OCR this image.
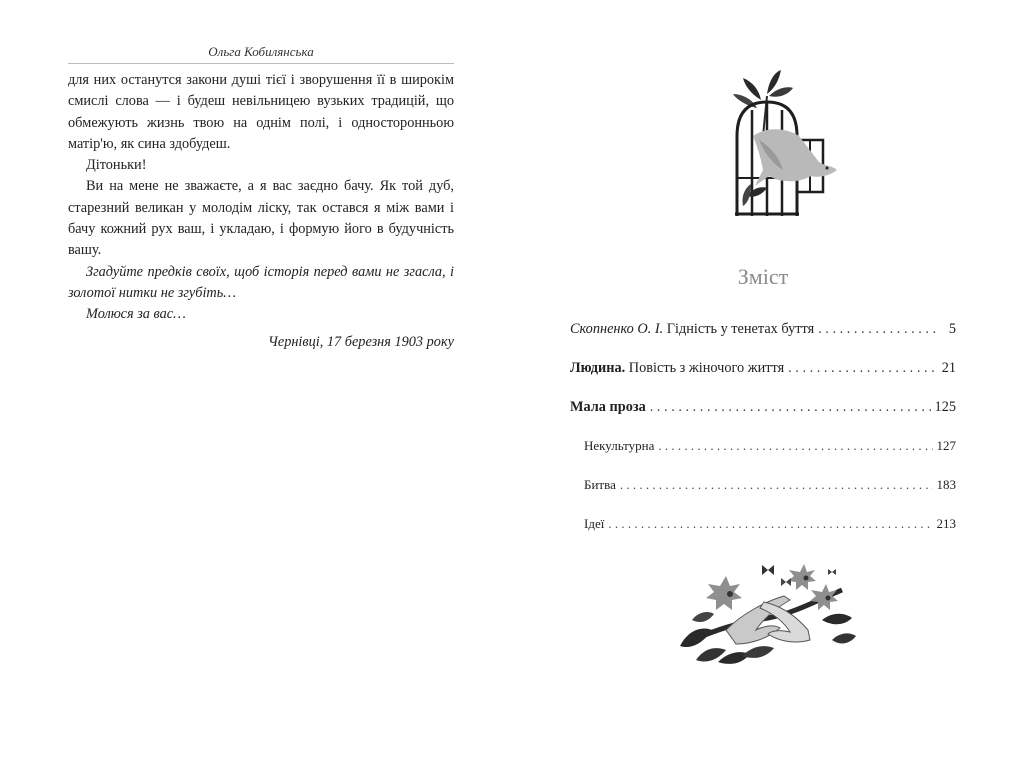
Ольга Кобилянська

для них останутся закони душі тієї і зворушення її в широкім смислі слова — і будеш невільницею вузьких традицій, що обмежують жизнь твою на однім полі, і односторонньою матір'ю, як сина здобудеш.

Дітоньки!

Ви на мене не зважаєте, а я вас заєдно бачу. Як той дуб, старезний великан у молодім ліску, так остався я між вами і бачу кожний рух ваш, і укладаю, і формую його в будучність вашу.

Згадуйте предків своїх, щоб історія перед вами не згасла, і золотої нитки не згубіть…

Молюся за вас…

Чернівці, 17 березня 1903 року

Зміст
Скопненко О. І. Гідність у тенетах буття . . .	5
Людина. Повість з жіночого життя . . .	21
Мала проза . . .	125
Некультурна . . .	127
Битва . . .	183
Ідеї . . .	213
